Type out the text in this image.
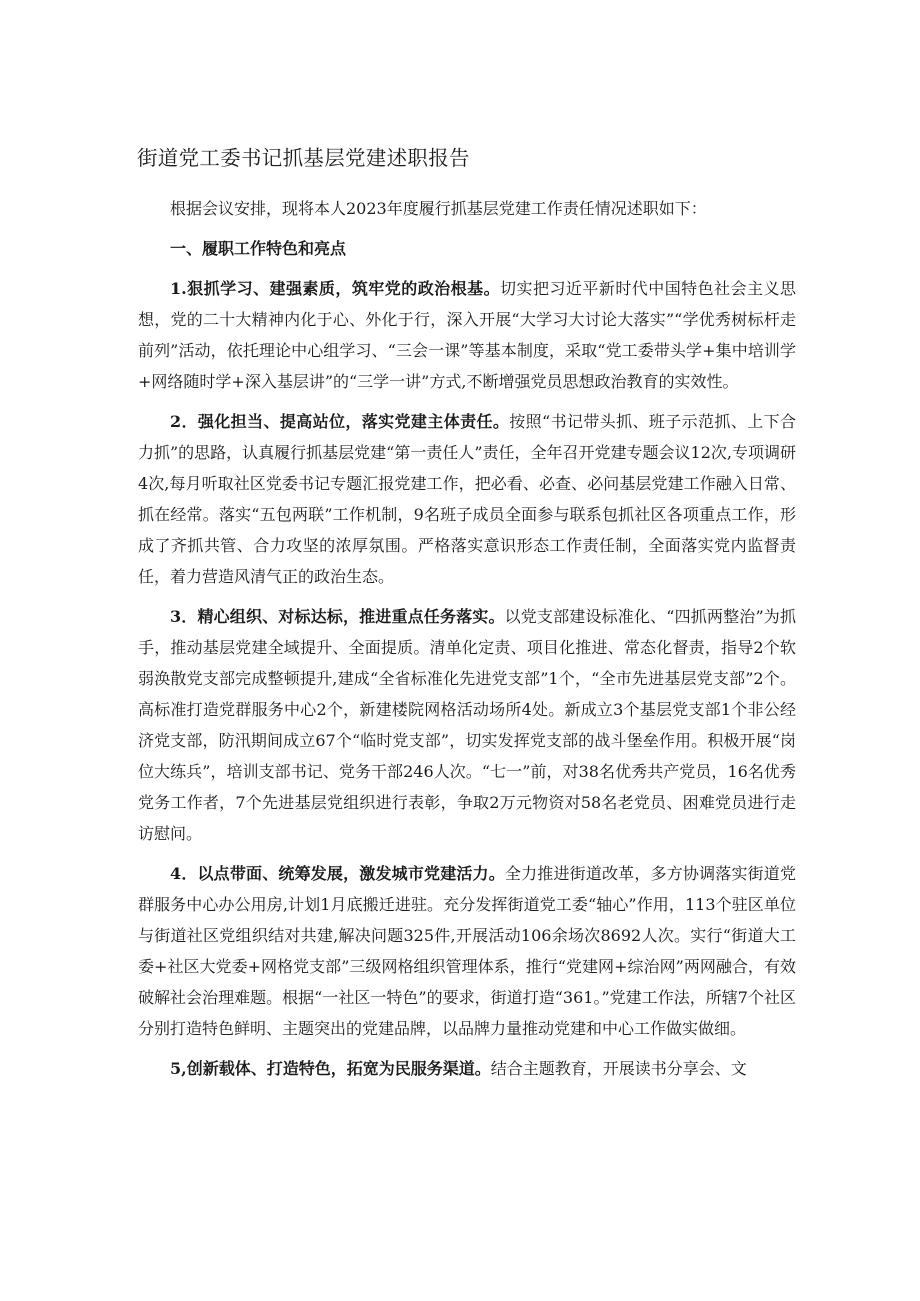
街道党工委书记抓基层党建述职报告

根据会议安排，现将本人2023年度履行抓基层党建工作责任情况述职如下：

一、履职工作特色和亮点

1.狠抓学习、建强素质，筑牢党的政治根基。切实把习近平新时代中国特色社会主义思想，党的二十大精神内化于心、外化于行，深入开展“大学习大讨论大落实”“学优秀树标杆走前列”活动，依托理论中心组学习、“三会一课”等基本制度，采取“党工委带头学+集中培训学+网络随时学+深入基层讲”的“三学一讲”方式,不断增强党员思想政治教育的实效性。

2．强化担当、提高站位，落实党建主体责任。按照“书记带头抓、班子示范抓、上下合力抓”的思路，认真履行抓基层党建“第一责任人”责任，全年召开党建专题会议12次,专项调研4次,每月听取社区党委书记专题汇报党建工作，把必看、必查、必问基层党建工作融入日常、抓在经常。落实“五包两联”工作机制，9名班子成员全面参与联系包抓社区各项重点工作，形成了齐抓共管、合力攻坚的浓厚氛围。严格落实意识形态工作责任制，全面落实党内监督责任，着力营造风清气正的政治生态。

3．精心组织、对标达标，推进重点任务落实。以党支部建设标准化、“四抓两整治”为抓手，推动基层党建全域提升、全面提质。清单化定责、项目化推进、常态化督责，指导2个软弱涣散党支部完成整顿提升,建成“全省标准化先进党支部”1个，“全市先进基层党支部”2个。高标准打造党群服务中心2个，新建楼院网格活动场所4处。新成立3个基层党支部1个非公经济党支部，防汛期间成立67个“临时党支部”，切实发挥党支部的战斗堡垒作用。积极开展“岗位大练兵”，培训支部书记、党务干部246人次。“七一”前，对38名优秀共产党员，16名优秀党务工作者，7个先进基层党组织进行表彰，争取2万元物资对58名老党员、困难党员进行走访慰问。

4．以点带面、统筹发展，激发城市党建活力。全力推进街道改革，多方协调落实街道党群服务中心办公用房,计划1月底搬迁进驻。充分发挥街道党工委“轴心”作用，113个驻区单位与街道社区党组织结对共建,解决问题325件,开展活动106余场次8692人次。实行“街道大工委+社区大党委+网格党支部”三级网格组织管理体系，推行“党建网+综治网”两网融合，有效破解社会治理难题。根据“一社区一特色”的要求，街道打造“361。”党建工作法，所辖7个社区分别打造特色鲜明、主题突出的党建品牌，以品牌力量推动党建和中心工作做实做细。

5,创新载体、打造特色，拓宽为民服务渠道。结合主题教育，开展读书分享会、文
